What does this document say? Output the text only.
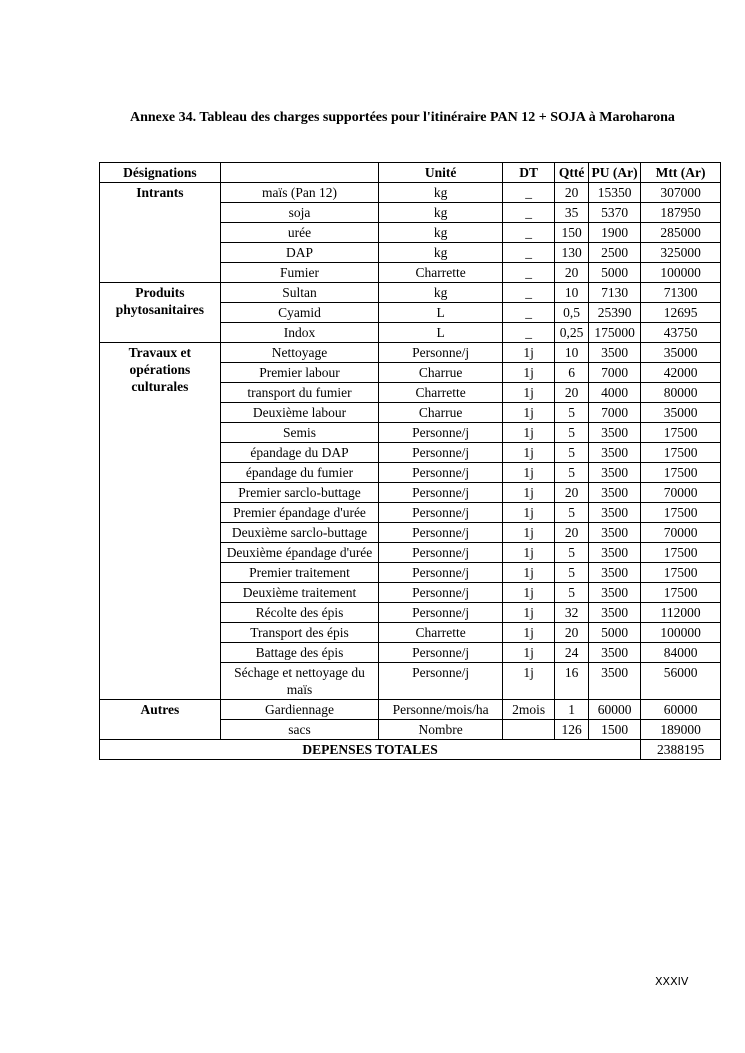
Annexe 34. Tableau des charges supportées pour l'itinéraire PAN 12 + SOJA à Maroharona

Désignations		Unité	DT	Qtté	PU (Ar)	Mtt (Ar)
Intrants	maïs (Pan 12)	kg	_	20	15350	307000
	soja	kg	_	35	5370	187950
	urée	kg	_	150	1900	285000
	DAP	kg	_	130	2500	325000
	Fumier	Charrette	_	20	5000	100000
Produits phytosanitaires	Sultan	kg	_	10	7130	71300
	Cyamid	L	_	0,5	25390	12695
	Indox	L	_	0,25	175000	43750
Travaux et opérations culturales	Nettoyage	Personne/j	1j	10	3500	35000
	Premier labour	Charrue	1j	6	7000	42000
	transport du fumier	Charrette	1j	20	4000	80000
	Deuxième labour	Charrue	1j	5	7000	35000
	Semis	Personne/j	1j	5	3500	17500
	épandage du DAP	Personne/j	1j	5	3500	17500
	épandage du fumier	Personne/j	1j	5	3500	17500
	Premier sarclo-buttage	Personne/j	1j	20	3500	70000
	Premier épandage d'urée	Personne/j	1j	5	3500	17500
	Deuxième sarclo-buttage	Personne/j	1j	20	3500	70000
	Deuxième épandage d'urée	Personne/j	1j	5	3500	17500
	Premier traitement	Personne/j	1j	5	3500	17500
	Deuxième traitement	Personne/j	1j	5	3500	17500
	Récolte des épis	Personne/j	1j	32	3500	112000
	Transport des épis	Charrette	1j	20	5000	100000
	Battage des épis	Personne/j	1j	24	3500	84000
	Séchage et nettoyage du maïs	Personne/j	1j	16	3500	56000
Autres	Gardiennage	Personne/mois/ha	2mois	1	60000	60000
	sacs	Nombre		126	1500	189000
DEPENSES TOTALES						2388195
XXXIV
